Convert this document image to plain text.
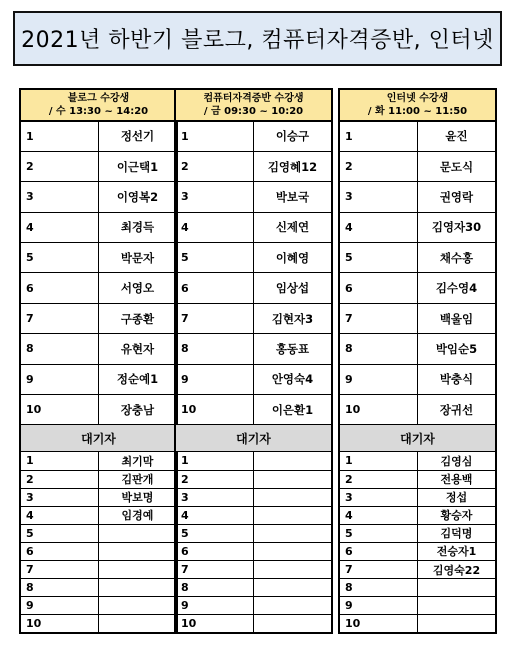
2021년 하반기 블로그, 컴퓨터자격증반, 인터넷
블로그 수강생
/ 수 13:30 ~ 14:20	

1	정선기
2	이근택1
3	이영복2
4	최경득
5	박문자
6	서영오
7	구종환
8	유현자
9	정순예1
10	장충남
대기자	
1	최기막
2	김판개
3	박보명
4	임경예
5	
6	
7	
8	
9	
10	
컴퓨터자격증반 수강생
/ 금 09:30 ~ 10:20	

1	이승구
2	김영혜12
3	박보국
4	신제연
5	이혜영
6	임상섭
7	김현자3
8	홍동표
9	안영숙4
10	이은환1
대기자	
1	
2	
3	
4	
5	
6	
7	
8	
9	
10	
인터넷 수강생
/ 화 11:00 ~ 11:50	

1	윤진
2	문도식
3	권영락
4	김영자30
5	채수홍
6	김수영4
7	백울임
8	박임순5
9	박충식
10	장귀선
대기자	
1	김영심
2	전용백
3	정섭
4	황승자
5	김덕명
6	전승자1
7	김영숙22
8	
9	
10	
